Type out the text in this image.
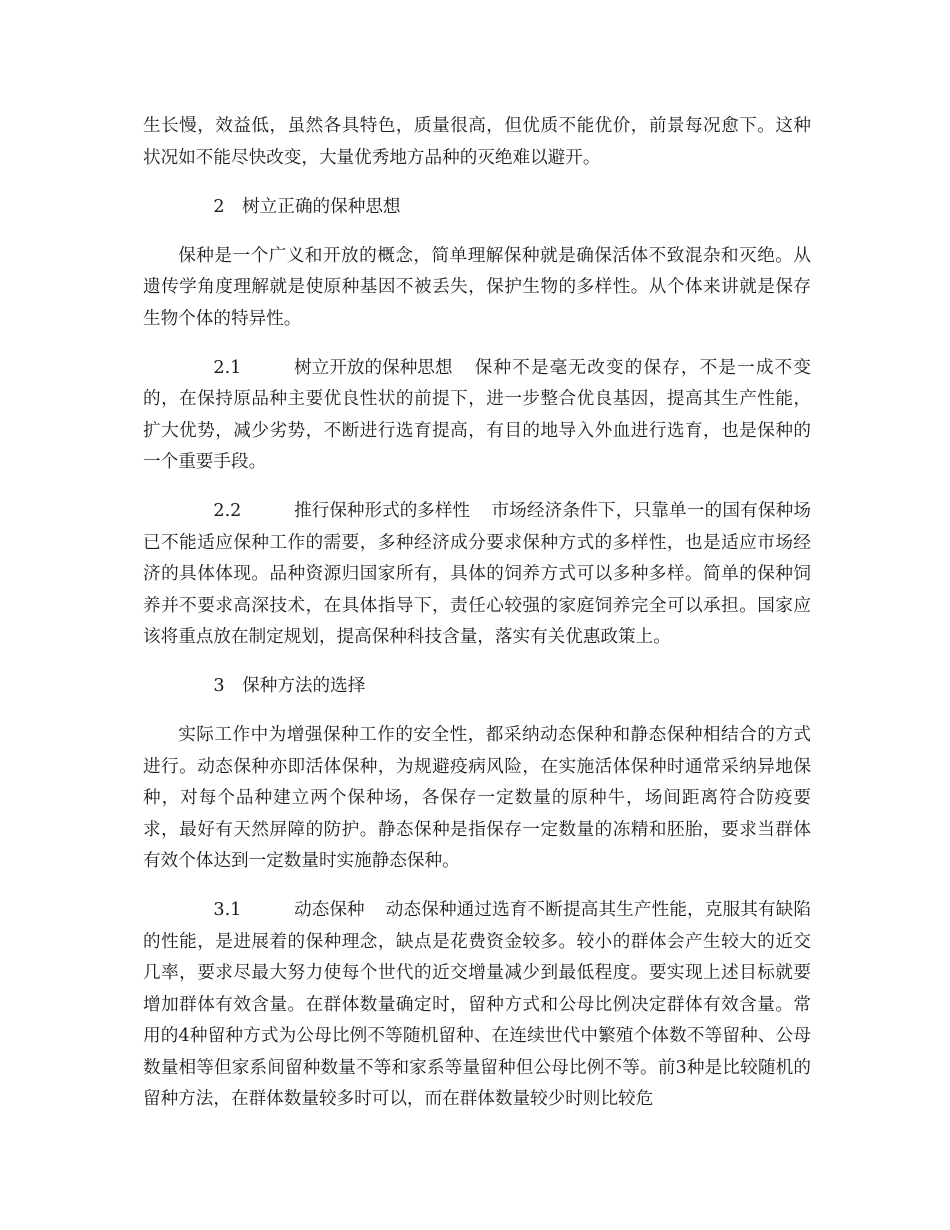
生长慢，效益低，虽然各具特色，质量很高，但优质不能优价，前景每况愈下。这种状况如不能尽快改变，大量优秀地方品种的灭绝难以避开。

2 树立正确的保种思想

保种是一个广义和开放的概念，简单理解保种就是确保活体不致混杂和灭绝。从遗传学角度理解就是使原种基因不被丢失，保护生物的多样性。从个体来讲就是保存生物个体的特异性。

2.1	树立开放的保种思想 保种不是毫无改变的保存，不是一成不变的，在保持原品种主要优良性状的前提下，进一步整合优良基因，提高其生产性能，扩大优势，减少劣势，不断进行选育提高，有目的地导入外血进行选育，也是保种的一个重要手段。

2.2	推行保种形式的多样性 市场经济条件下，只靠单一的国有保种场已不能适应保种工作的需要，多种经济成分要求保种方式的多样性，也是适应市场经济的具体体现。品种资源归国家所有，具体的饲养方式可以多种多样。简单的保种饲养并不要求高深技术，在具体指导下，责任心较强的家庭饲养完全可以承担。国家应该将重点放在制定规划，提高保种科技含量，落实有关优惠政策上。

3 保种方法的选择

实际工作中为增强保种工作的安全性，都采纳动态保种和静态保种相结合的方式进行。动态保种亦即活体保种，为规避疫病风险，在实施活体保种时通常采纳异地保种，对每个品种建立两个保种场，各保存一定数量的原种牛，场间距离符合防疫要求，最好有天然屏障的防护。静态保种是指保存一定数量的冻精和胚胎，要求当群体有效个体达到一定数量时实施静态保种。

3.1	动态保种 动态保种通过选育不断提高其生产性能，克服其有缺陷的性能，是进展着的保种理念，缺点是花费资金较多。较小的群体会产生较大的近交几率，要求尽最大努力使每个世代的近交增量减少到最低程度。要实现上述目标就要增加群体有效含量。在群体数量确定时，留种方式和公母比例决定群体有效含量。常用的4种留种方式为公母比例不等随机留种、在连续世代中繁殖个体数不等留种、公母数量相等但家系间留种数量不等和家系等量留种但公母比例不等。前3种是比较随机的留种方法，在群体数量较多时可以，而在群体数量较少时则比较危
